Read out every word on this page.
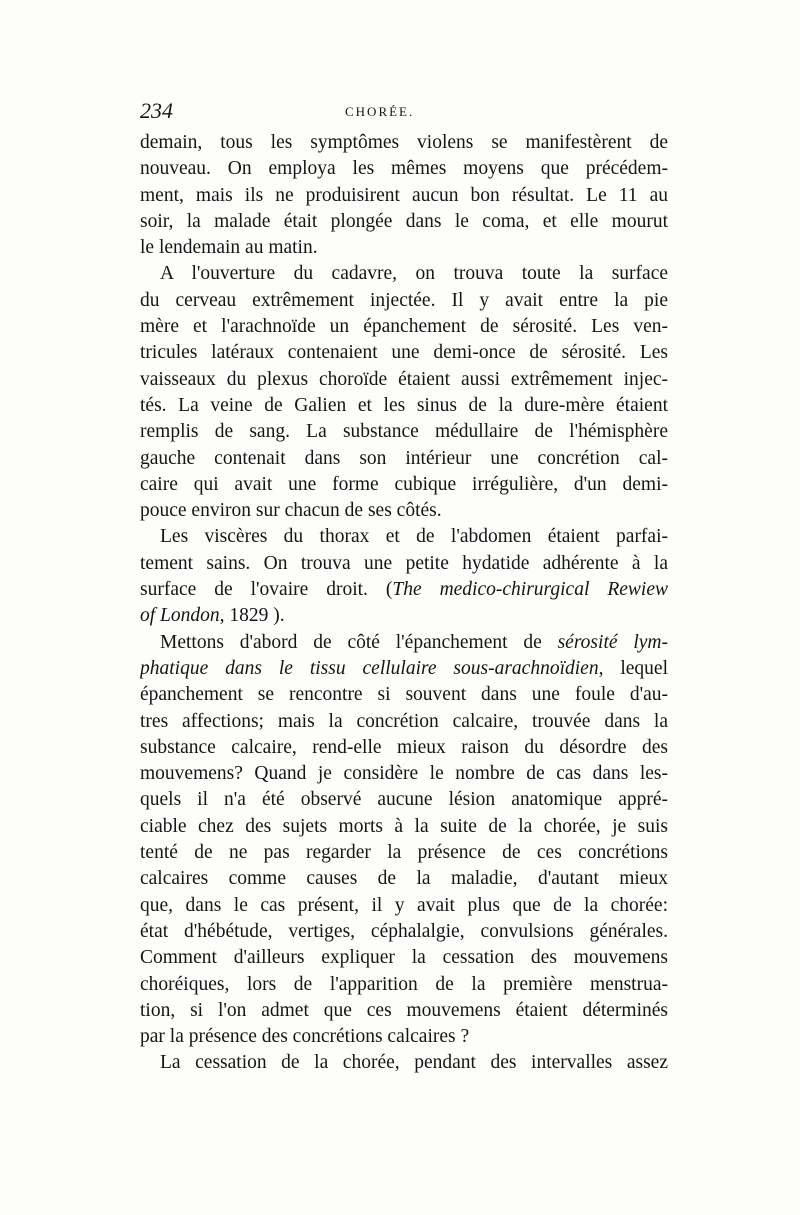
234	CHORÉE.
demain, tous les symptômes violens se manifestèrent de
nouveau. On employa les mêmes moyens que précédem-
ment, mais ils ne produisirent aucun bon résultat. Le 11 au
soir, la malade était plongée dans le coma, et elle mourut
le lendemain au matin.
A l'ouverture du cadavre, on trouva toute la surface
du cerveau extrêmement injectée. Il y avait entre la pie
mère et l'arachnoïde un épanchement de sérosité. Les ven-
tricules latéraux contenaient une demi-once de sérosité. Les
vaisseaux du plexus choroïde étaient aussi extrêmement injec-
tés. La veine de Galien et les sinus de la dure-mère étaient
remplis de sang. La substance médullaire de l'hémisphère
gauche contenait dans son intérieur une concrétion cal-
caire qui avait une forme cubique irrégulière, d'un demi-
pouce environ sur chacun de ses côtés.
Les viscères du thorax et de l'abdomen étaient parfai-
tement sains. On trouva une petite hydatide adhérente à la
surface de l'ovaire droit. (The medico-chirurgical Rewiew
of London, 1829 ).
Mettons d'abord de côté l'épanchement de sérosité lym-
phatique dans le tissu cellulaire sous-arachnoïdien, lequel
épanchement se rencontre si souvent dans une foule d'au-
tres affections; mais la concrétion calcaire, trouvée dans la
substance calcaire, rend-elle mieux raison du désordre des
mouvemens? Quand je considère le nombre de cas dans les-
quels il n'a été observé aucune lésion anatomique appré-
ciable chez des sujets morts à la suite de la chorée, je suis
tenté de ne pas regarder la présence de ces concrétions
calcaires comme causes de la maladie, d'autant mieux
que, dans le cas présent, il y avait plus que de la chorée:
état d'hébétude, vertiges, céphalalgie, convulsions générales.
Comment d'ailleurs expliquer la cessation des mouvemens
choréiques, lors de l'apparition de la première menstrua-
tion, si l'on admet que ces mouvemens étaient déterminés
par la présence des concrétions calcaires ?
La cessation de la chorée, pendant des intervalles assez
